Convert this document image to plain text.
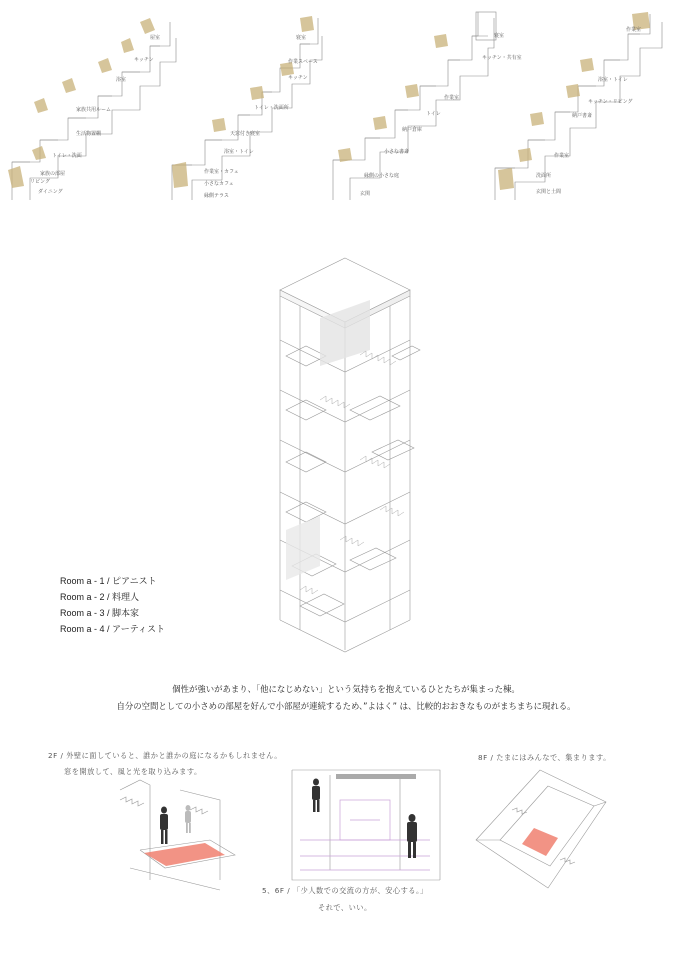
屋室
キッチン
浴室
家族共用ルーム
生活物置棚
トイレ・洗面
家族の部屋
リビング
ダイニング
寝室
作業スペース
キッチン
トイレ・洗面所
天窓付き寝室
浴室・トイレ
作業室・カフェ
小さなカフェ
縁側テラス
寝室
キッチン・共有室
作業室
トイレ
納戸倉庫
小さな書斎
縁側の小さな庭
玄関
作業室
浴室・トイレ
キッチン・リビング
納戸書斎
作業室
洗面所
玄関と土間
Room a - 1 / ピアニスト
Room a - 2 / 料理人
Room a - 3 / 脚本家
Room a - 4 / アーティスト
個性が強いがあまり、「他になじめない」という気持ちを抱えているひとたちが集まった棟。
自分の空間としての小さめの部屋を好んで小部屋が連続するため、”よはく” は、比較的おおきなものがまちまちに現れる。
2F / 外壁に面していると、誰かと誰かの庭になるかもしれません。
窓を開放して、風と光を取り込みます。
8F / たまにはみんなで、集まります。
5、6F / 「少人数での交流の方が、安心する。」
それで、いい。
